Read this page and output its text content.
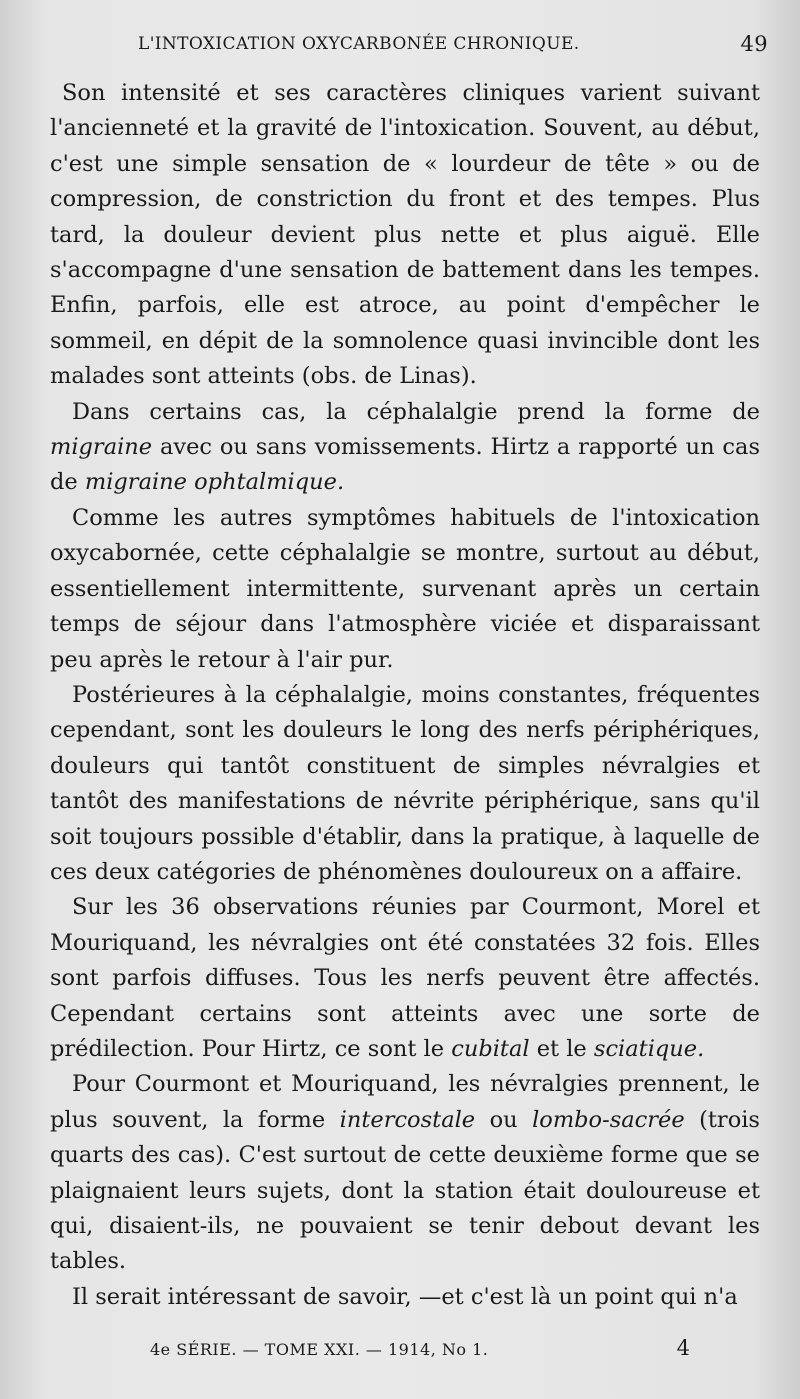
L'INTOXICATION OXYCARBONÉE CHRONIQUE.	49

Son intensité et ses caractères cliniques varient suivant l'ancienneté et la gravité de l'intoxication. Souvent, au début, c'est une simple sensation de « lourdeur de tête » ou de compression, de constriction du front et des tempes. Plus tard, la douleur devient plus nette et plus aiguë. Elle s'accompagne d'une sensation de battement dans les tempes. Enfin, parfois, elle est atroce, au point d'empêcher le sommeil, en dépit de la somnolence quasi invincible dont les malades sont atteints (obs. de Linas).

Dans certains cas, la céphalalgie prend la forme de migraine avec ou sans vomissements. Hirtz a rapporté un cas de migraine ophtalmique.

Comme les autres symptômes habituels de l'intoxication oxycabornée, cette céphalalgie se montre, surtout au début, essentiellement intermittente, survenant après un certain temps de séjour dans l'atmosphère viciée et disparaissant peu après le retour à l'air pur.

Postérieures à la céphalalgie, moins constantes, fréquentes cependant, sont les douleurs le long des nerfs périphériques, douleurs qui tantôt constituent de simples névralgies et tantôt des manifestations de névrite périphérique, sans qu'il soit toujours possible d'établir, dans la pratique, à laquelle de ces deux catégories de phénomènes douloureux on a affaire.

Sur les 36 observations réunies par Courmont, Morel et Mouriquand, les névralgies ont été constatées 32 fois. Elles sont parfois diffuses. Tous les nerfs peuvent être affectés. Cependant certains sont atteints avec une sorte de prédilection. Pour Hirtz, ce sont le cubital et le sciatique.

Pour Courmont et Mouriquand, les névralgies prennent, le plus souvent, la forme intercostale ou lombo-sacrée (trois quarts des cas). C'est surtout de cette deuxième forme que se plaignaient leurs sujets, dont la station était douloureuse et qui, disaient-ils, ne pouvaient se tenir debout devant les tables.

Il serait intéressant de savoir, —et c'est là un point qui n'a

4e SÉRIE. — TOME XXI. — 1914, No 1.	4
